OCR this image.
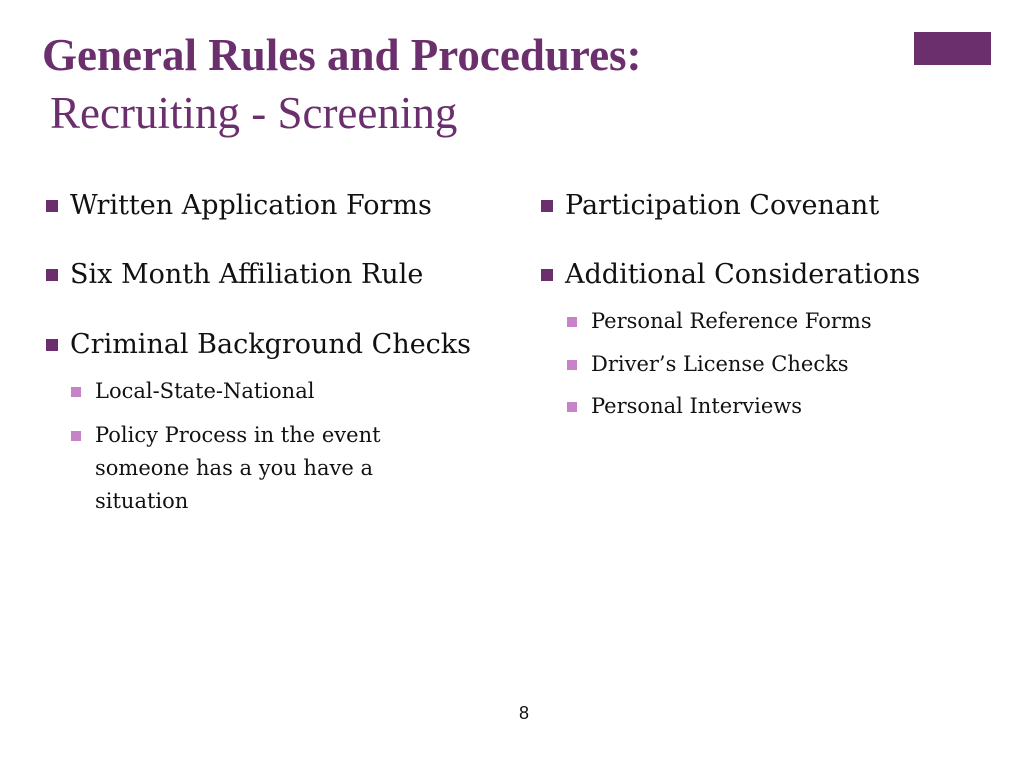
General Rules and Procedures:
Recruiting - Screening
Written Application Forms
Six Month Affiliation Rule
Criminal Background Checks
Local-State-National
Policy Process in the event
someone has a you have a
situation
Participation Covenant
Additional Considerations
Personal Reference Forms
Driver’s License Checks
Personal Interviews
8
